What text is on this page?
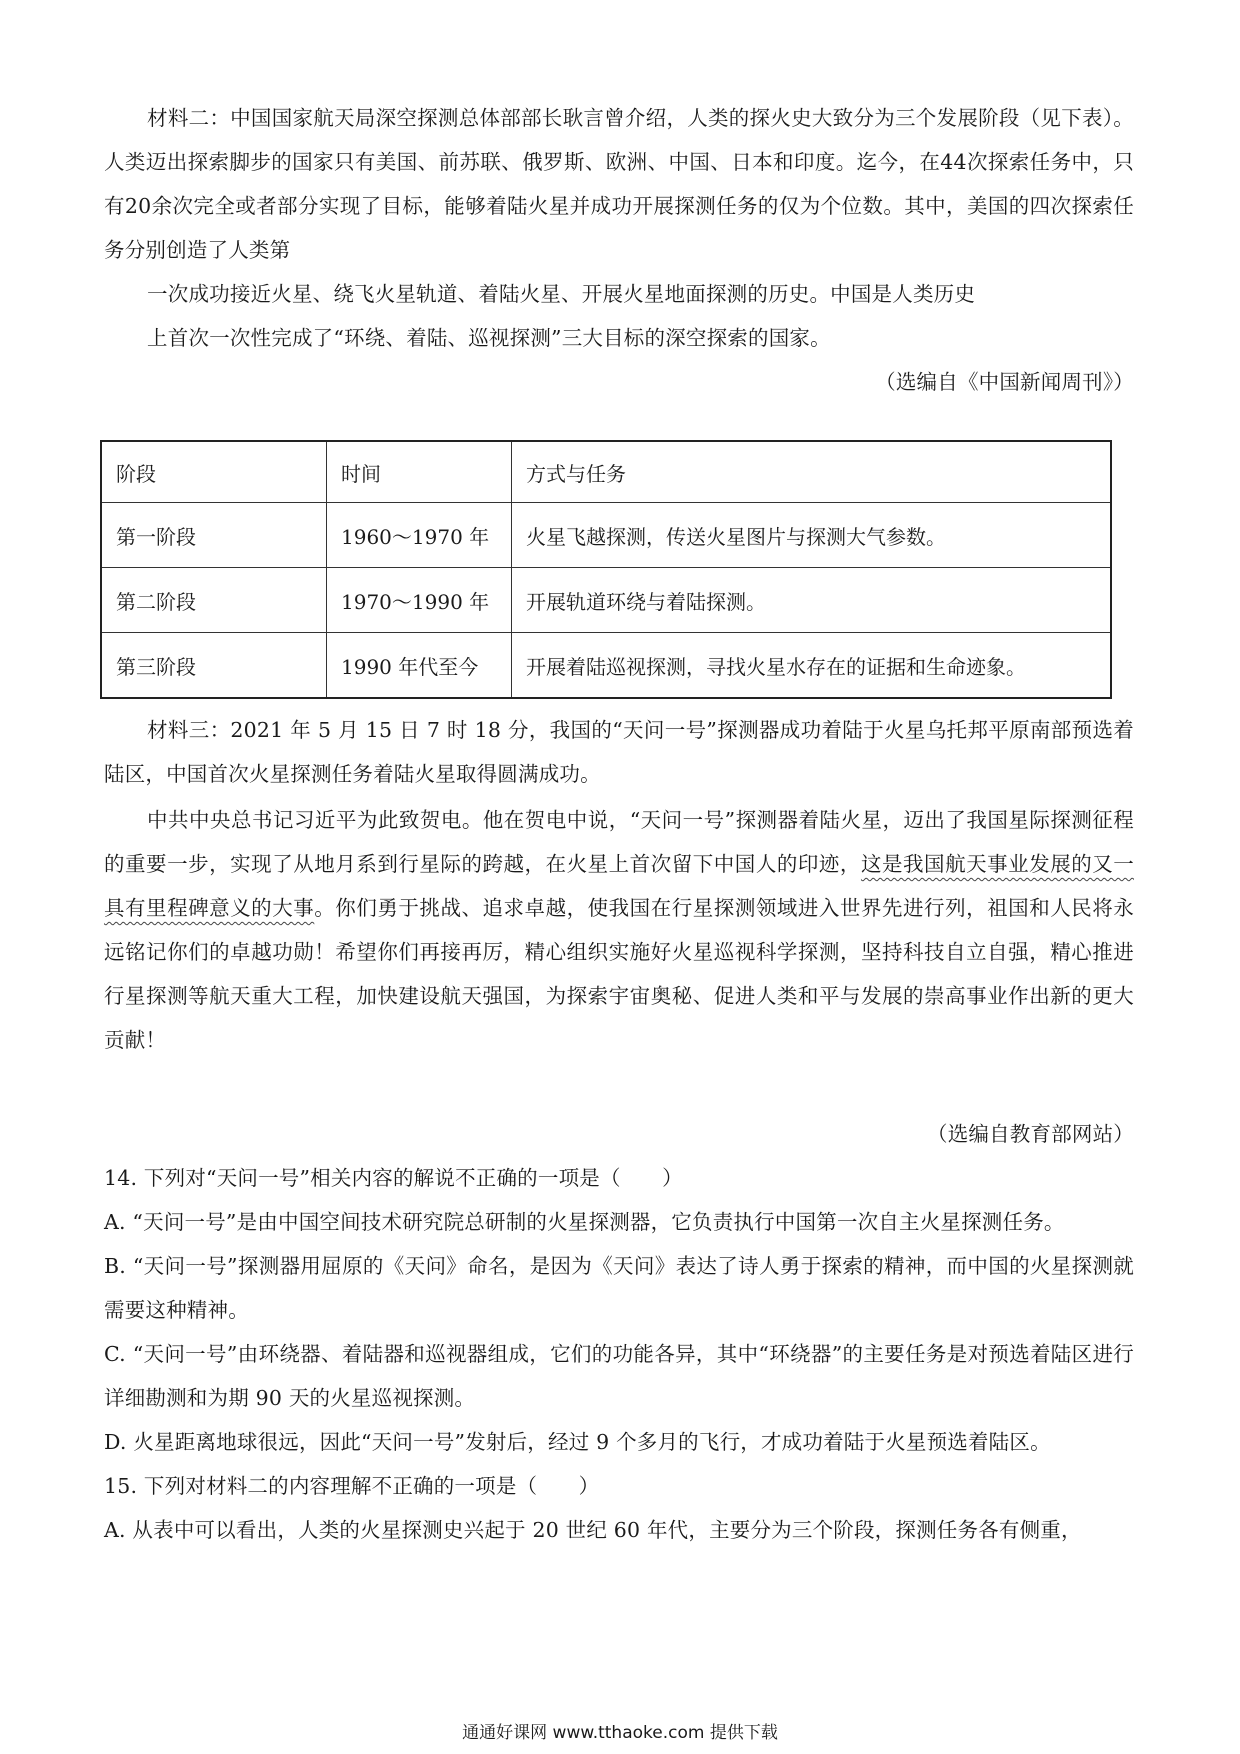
材料二：中国国家航天局深空探测总体部部长耿言曾介绍，人类的探火史大致分为三个发展阶段（见下表）。人类迈出探索脚步的国家只有美国、前苏联、俄罗斯、欧洲、中国、日本和印度。迄今，在44次探索任务中，只有20余次完全或者部分实现了目标，能够着陆火星并成功开展探测任务的仅为个位数。其中，美国的四次探索任务分别创造了人类第

一次成功接近火星、绕飞火星轨道、着陆火星、开展火星地面探测的历史。中国是人类历史

上首次一次性完成了“环绕、着陆、巡视探测”三大目标的深空探索的国家。

（选编自《中国新闻周刊》）

阶段	时间	方式与任务
第一阶段	1960～1970 年	火星飞越探测，传送火星图片与探测大气参数。
第二阶段	1970～1990 年	开展轨道环绕与着陆探测。
第三阶段	1990 年代至今	开展着陆巡视探测，寻找火星水存在的证据和生命迹象。

材料三：2021 年 5 月 15 日 7 时 18 分，我国的“天问一号”探测器成功着陆于火星乌托邦平原南部预选着陆区，中国首次火星探测任务着陆火星取得圆满成功。

中共中央总书记习近平为此致贺电。他在贺电中说，“天问一号”探测器着陆火星，迈出了我国星际探测征程的重要一步，实现了从地月系到行星际的跨越，在火星上首次留下中国人的印迹，这是我国航天事业发展的又一具有里程碑意义的大事。你们勇于挑战、追求卓越，使我国在行星探测领域进入世界先进行列，祖国和人民将永远铭记你们的卓越功勋！希望你们再接再厉，精心组织实施好火星巡视科学探测，坚持科技自立自强，精心推进行星探测等航天重大工程，加快建设航天强国，为探索宇宙奥秘、促进人类和平与发展的崇高事业作出新的更大贡献！

（选编自教育部网站）

14. 下列对“天问一号”相关内容的解说不正确的一项是（　　）

A. “天问一号”是由中国空间技术研究院总研制的火星探测器，它负责执行中国第一次自主火星探测任务。

B. “天问一号”探测器用屈原的《天问》命名，是因为《天问》表达了诗人勇于探索的精神，而中国的火星探测就需要这种精神。

C. “天问一号”由环绕器、着陆器和巡视器组成，它们的功能各异，其中“环绕器”的主要任务是对预选着陆区进行详细勘测和为期 90 天的火星巡视探测。

D. 火星距离地球很远，因此“天问一号”发射后，经过 9 个多月的飞行，才成功着陆于火星预选着陆区。

15. 下列对材料二的内容理解不正确的一项是（　　）

A. 从表中可以看出，人类的火星探测史兴起于 20 世纪 60 年代，主要分为三个阶段，探测任务各有侧重，

通通好课网 www.tthaoke.com 提供下载
